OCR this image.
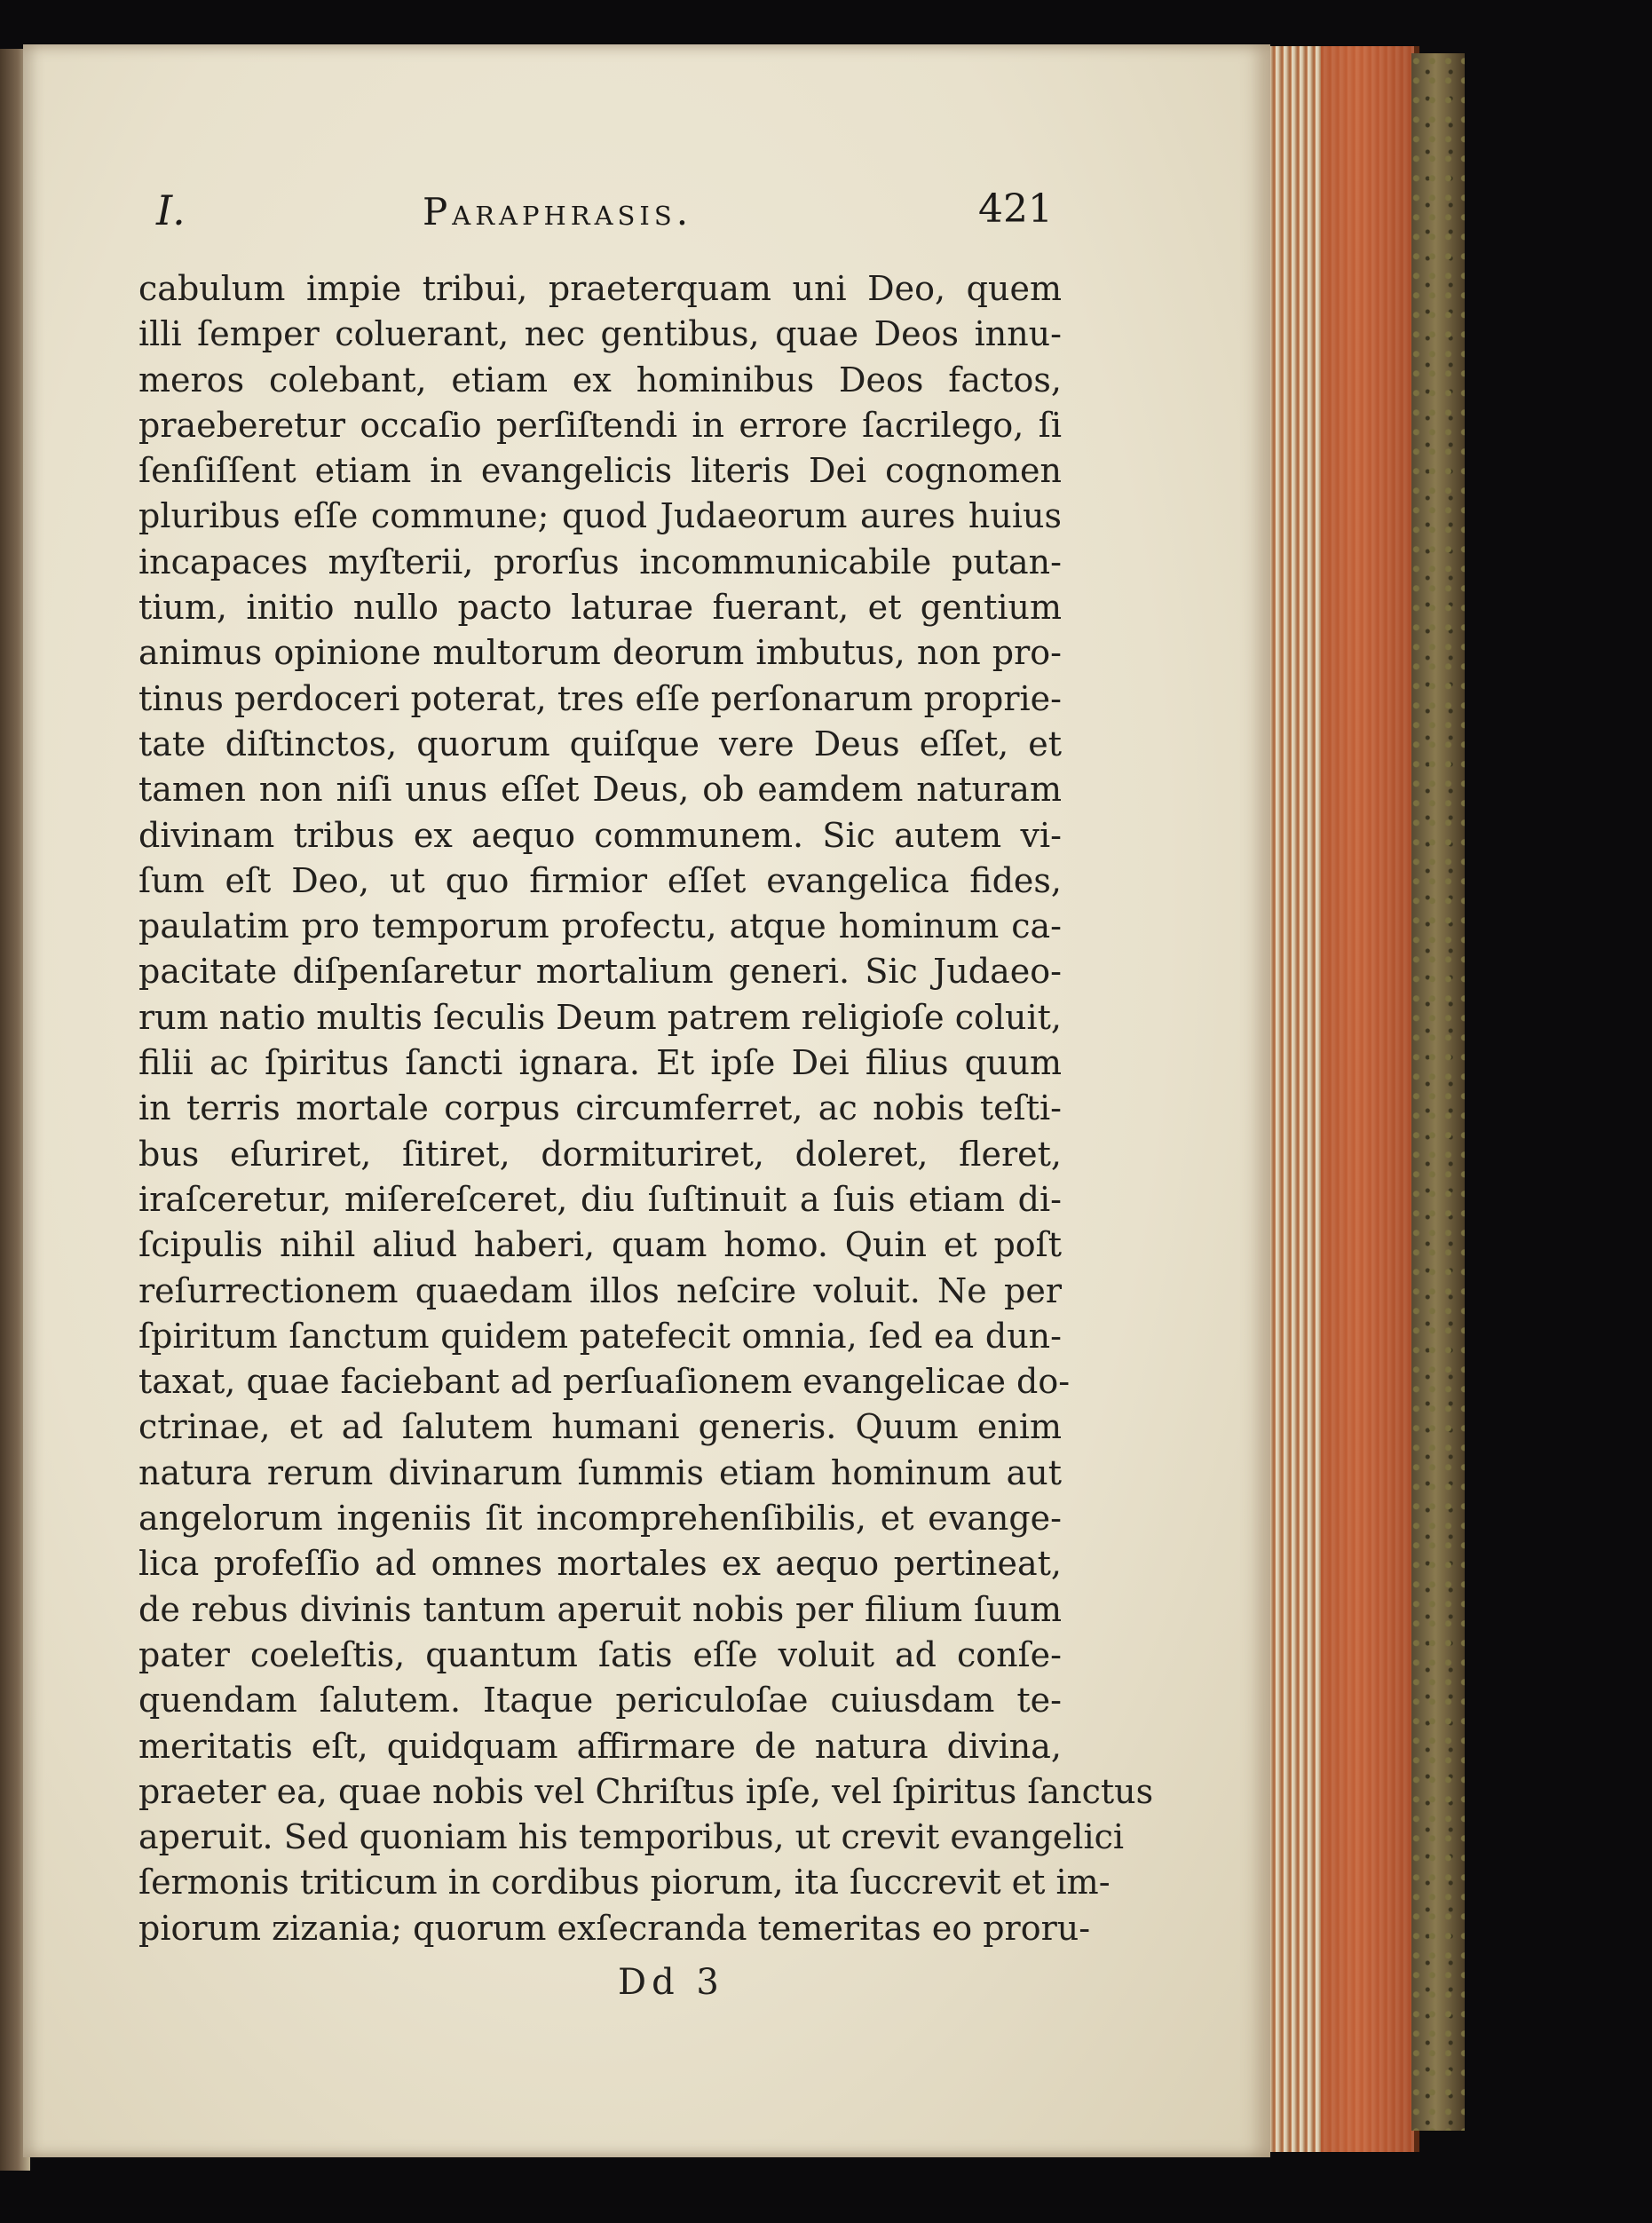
I.	Paraphrasis.	421
cabulum impie tribui, praeterquam uni Deo, quem
illi ſemper coluerant, nec gentibus, quae Deos innu-
meros colebant, etiam ex hominibus Deos factos,
praeberetur occaſio perſiſtendi in errore ſacrilego, ſi
ſenſiſſent etiam in evangelicis literis Dei cognomen
pluribus eſſe commune; quod Judaeorum aures huius
incapaces myſterii, prorſus incommunicabile putan-
tium, initio nullo pacto laturae fuerant, et gentium
animus opinione multorum deorum imbutus, non pro-
tinus perdoceri poterat, tres eſſe perſonarum proprie-
tate diſtinctos, quorum quiſque vere Deus eſſet, et
tamen non niſi unus eſſet Deus, ob eamdem naturam
divinam tribus ex aequo communem. Sic autem vi-
ſum eſt Deo, ut quo firmior eſſet evangelica fides,
paulatim pro temporum profectu, atque hominum ca-
pacitate diſpenſaretur mortalium generi. Sic Judaeo-
rum natio multis ſeculis Deum patrem religioſe coluit,
filii ac ſpiritus ſancti ignara. Et ipſe Dei filius quum
in terris mortale corpus circumferret, ac nobis teſti-
bus eſuriret, ſitiret, dormituriret, doleret, fleret,
iraſceretur, miſereſceret, diu ſuſtinuit a ſuis etiam di-
ſcipulis nihil aliud haberi, quam homo. Quin et poſt
reſurrectionem quaedam illos neſcire voluit. Ne per
ſpiritum ſanctum quidem patefecit omnia, ſed ea dun-
taxat, quae faciebant ad perſuaſionem evangelicae do-
ctrinae, et ad ſalutem humani generis. Quum enim
natura rerum divinarum ſummis etiam hominum aut
angelorum ingeniis ſit incomprehenſibilis, et evange-
lica profeſſio ad omnes mortales ex aequo pertineat,
de rebus divinis tantum aperuit nobis per filium ſuum
pater coeleſtis, quantum ſatis eſſe voluit ad conſe-
quendam ſalutem. Itaque periculoſae cuiusdam te-
meritatis eſt, quidquam affirmare de natura divina,
praeter ea, quae nobis vel Chriſtus ipſe, vel ſpiritus ſanctus
aperuit. Sed quoniam his temporibus, ut crevit evangelici
ſermonis triticum in cordibus piorum, ita ſuccrevit et im-
piorum zizania; quorum exſecranda temeritas eo proru-
Dd 3
